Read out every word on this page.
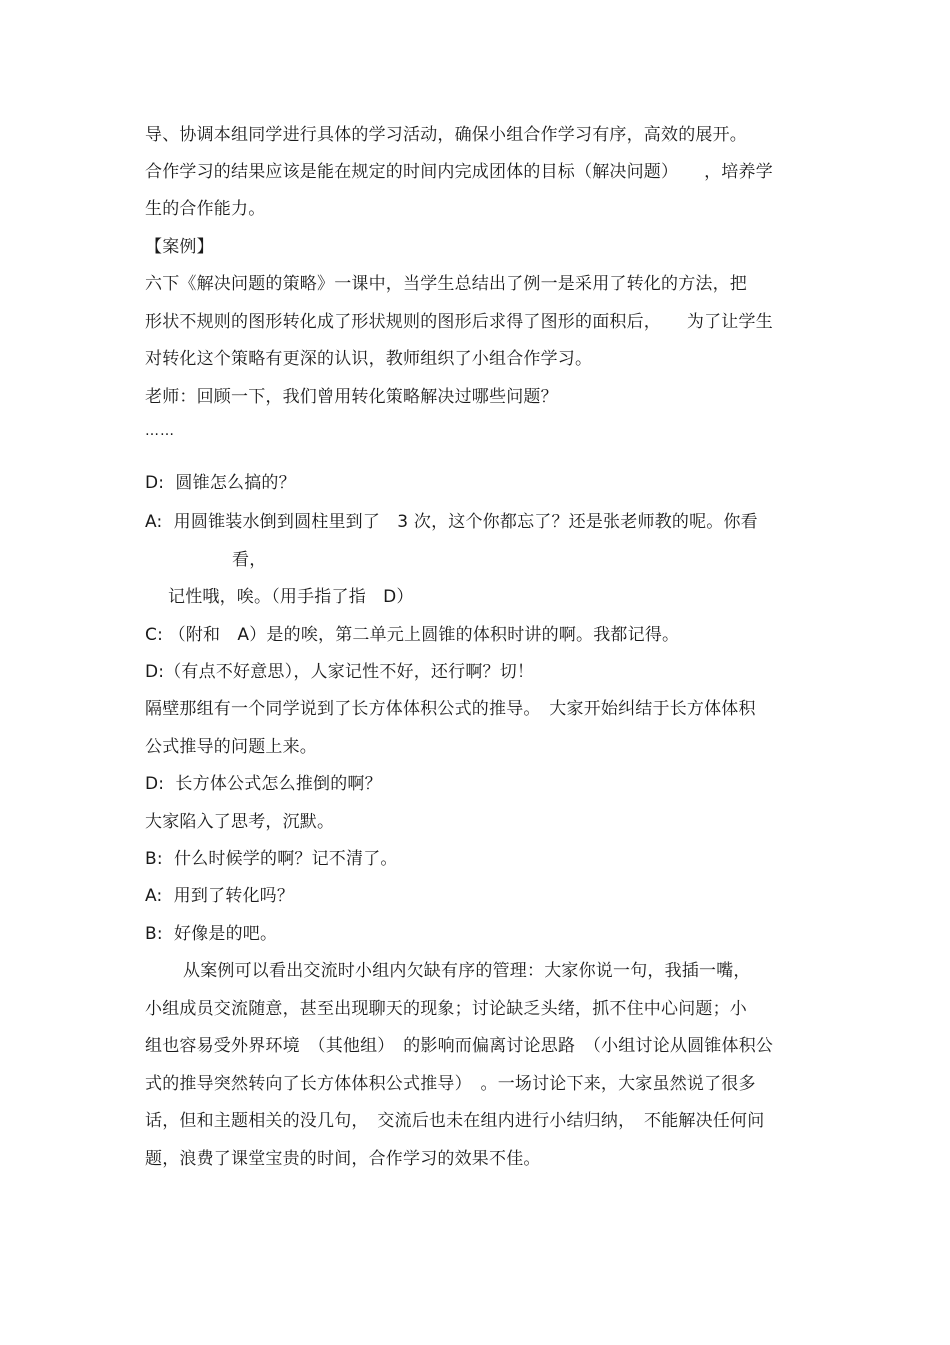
导、协调本组同学进行具体的学习活动，确保小组合作学习有序，高效的展开。
合作学习的结果应该是能在规定的时间内完成团体的目标（解决问题）　　，培养学
生的合作能力。
【案例】
六下《解决问题的策略》一课中，当学生总结出了例一是采用了转化的方法，把
形状不规则的图形转化成了形状规则的图形后求得了图形的面积后，　　为了让学生
对转化这个策略有更深的认识，教师组织了小组合作学习。
老师：回顾一下，我们曾用转化策略解决过哪些问题？
……
D:  圆锥怎么搞的？
A:  用圆锥装水倒到圆柱里到了　3 次，这个你都忘了？还是张老师教的呢。你看
看，
记性哦，唉。（用手指了指　D）
C: （附和　A）是的唉，第二单元上圆锥的体积时讲的啊。我都记得。
D:（有点不好意思），人家记性不好，还行啊？切！
隔壁那组有一个同学说到了长方体体积公式的推导。　大家开始纠结于长方体体积
公式推导的问题上来。
D:  长方体公式怎么推倒的啊？
大家陷入了思考，沉默。
B:  什么时候学的啊？记不清了。
A:  用到了转化吗？
B:  好像是的吧。
从案例可以看出交流时小组内欠缺有序的管理：大家你说一句，我插一嘴，
小组成员交流随意，甚至出现聊天的现象；讨论缺乏头绪，抓不住中心问题；小
组也容易受外界环境　（其他组）　的影响而偏离讨论思路　（小组讨论从圆锥体积公
式的推导突然转向了长方体体积公式推导）　。一场讨论下来，大家虽然说了很多
话，但和主题相关的没几句，　交流后也未在组内进行小结归纳，　不能解决任何问
题，浪费了课堂宝贵的时间，合作学习的效果不佳。
